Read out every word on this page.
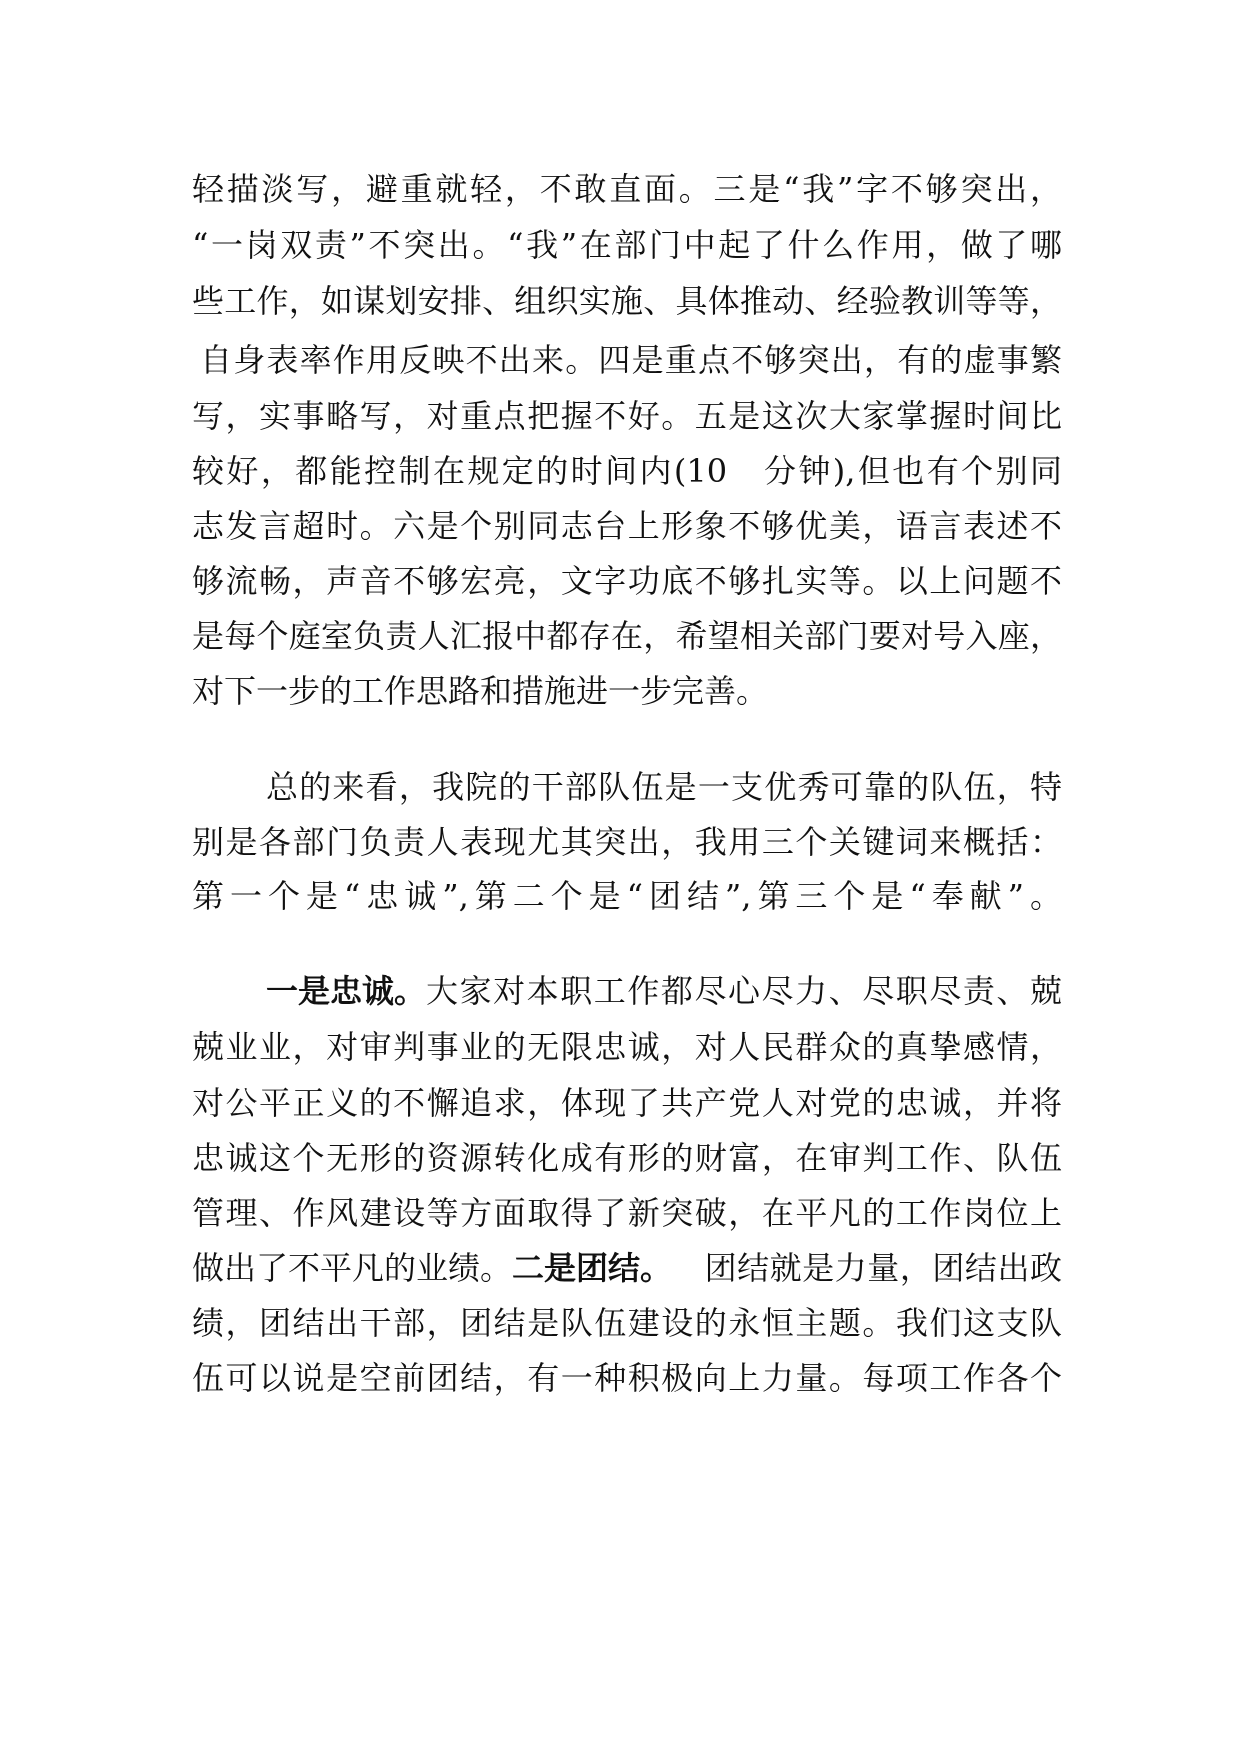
轻描淡写，避重就轻，不敢直面。三是“我”字不够突出，
“一岗双责”不突出。“我”在部门中起了什么作用，做了哪
些工作，如谋划安排、组织实施、具体推动、经验教训等等，
自身表率作用反映不出来。四是重点不够突出，有的虚事繁
写，实事略写，对重点把握不好。五是这次大家掌握时间比
较好，都能控制在规定的时间内(10　分钟),但也有个别同
志发言超时。六是个别同志台上形象不够优美，语言表述不
够流畅，声音不够宏亮，文字功底不够扎实等。以上问题不
是每个庭室负责人汇报中都存在，希望相关部门要对号入座，
对下一步的工作思路和措施进一步完善。
总的来看，我院的干部队伍是一支优秀可靠的队伍，特
别是各部门负责人表现尤其突出，我用三个关键词来概括：
第一个是“忠诚”,第二个是“团结”,第三个是“奉献”。
一是忠诚。 大家对本职工作都尽心尽力、尽职尽责、兢
兢业业，对审判事业的无限忠诚，对人民群众的真挚感情，
对公平正义的不懈追求，体现了共产党人对党的忠诚，并将
忠诚这个无形的资源转化成有形的财富，在审判工作、队伍
管理、作风建设等方面取得了新突破，在平凡的工作岗位上
做出了不平凡的业绩。 二是团结。 　团结就是力量，团结出政
绩，团结出干部，团结是队伍建设的永恒主题。我们这支队
伍可以说是空前团结，有一种积极向上力量。每项工作各个
